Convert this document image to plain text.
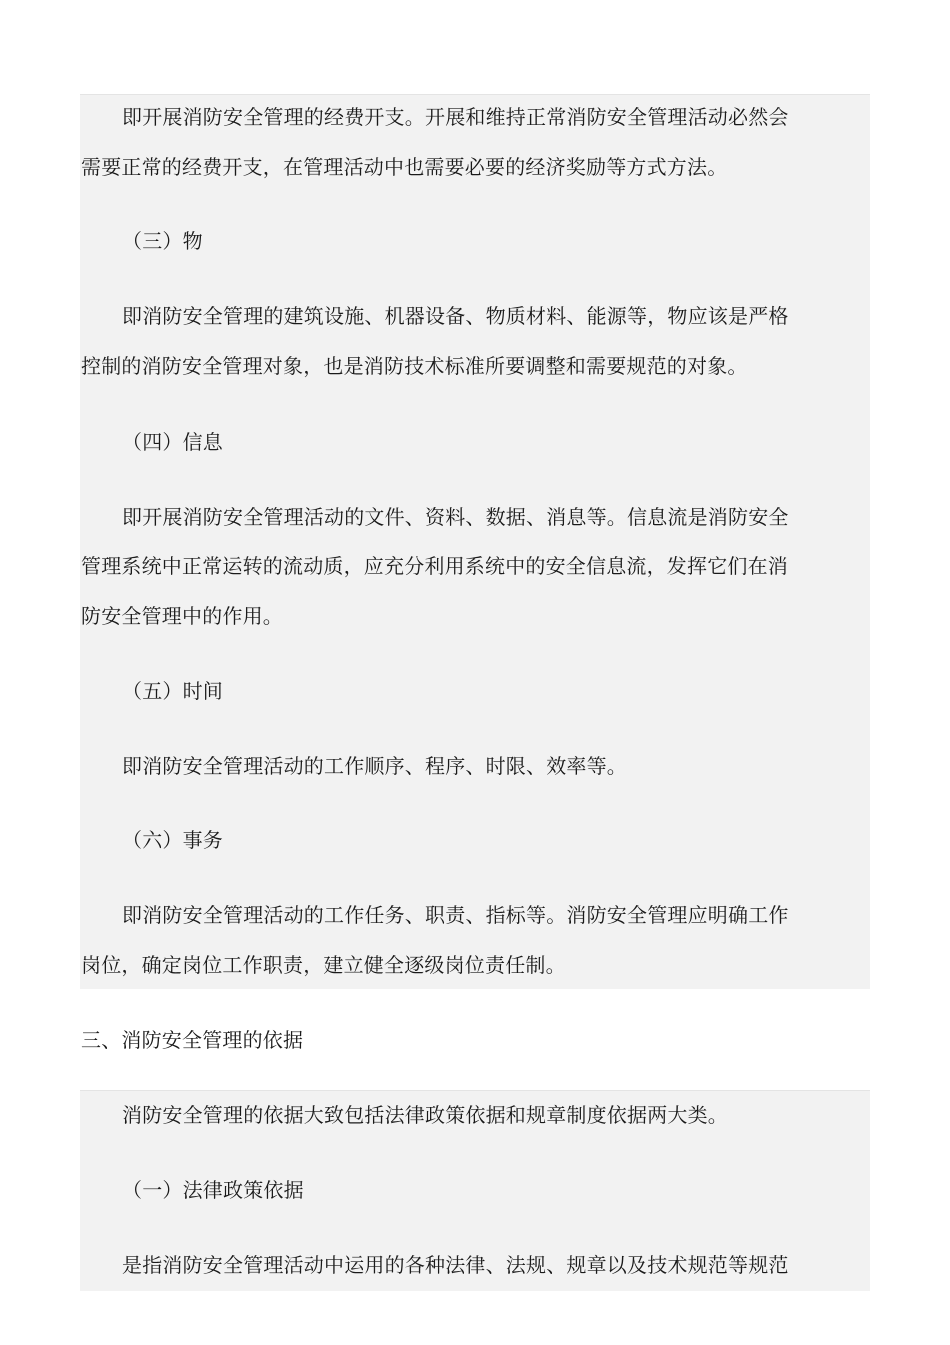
即开展消防安全管理的经费开支。开展和维持正常消防安全管理活动必然会
需要正常的经费开支，在管理活动中也需要必要的经济奖励等方式方法。
（三）物
即消防安全管理的建筑设施、机器设备、物质材料、能源等，物应该是严格
控制的消防安全管理对象，也是消防技术标准所要调整和需要规范的对象。
（四）信息
即开展消防安全管理活动的文件、资料、数据、消息等。信息流是消防安全
管理系统中正常运转的流动质，应充分利用系统中的安全信息流，发挥它们在消
防安全管理中的作用。
（五）时间
即消防安全管理活动的工作顺序、程序、时限、效率等。
（六）事务
即消防安全管理活动的工作任务、职责、指标等。消防安全管理应明确工作
岗位，确定岗位工作职责，建立健全逐级岗位责任制。
三、消防安全管理的依据
消防安全管理的依据大致包括法律政策依据和规章制度依据两大类。
（一）法律政策依据
是指消防安全管理活动中运用的各种法律、法规、规章以及技术规范等规范
